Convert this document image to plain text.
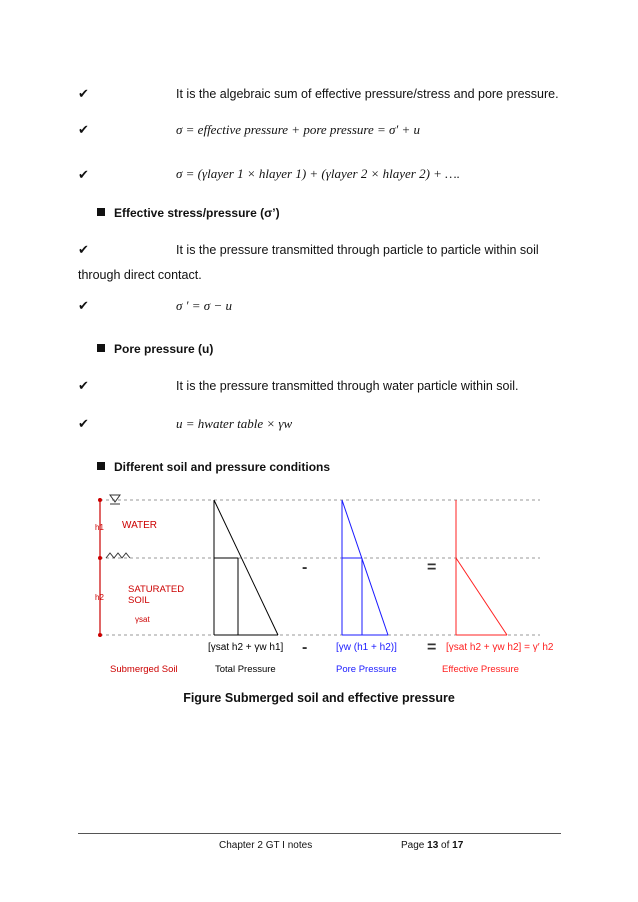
✔	It is the algebraic sum of effective pressure/stress and pore pressure.
✔	σ = effective pressure + pore pressure = σ′ + u
✔	σ = (γlayer 1 × hlayer 1) + (γlayer 2 × hlayer 2) + ….
Effective stress/pressure (σ’)
✔	It is the pressure transmitted through particle to particle within soil
through direct contact.
✔	σ ′ = σ − u
Pore pressure (u)
✔	It is the pressure transmitted through water particle within soil.
✔	u = hwater table × γw
Different soil and pressure conditions
h1
h2
WATER
SATURATED
SOIL
γsat
-	=
-	=
[γsat h2 + γw h1]	[γw (h1 + h2)]	[γsat h2 + γw h2] = γ′ h2
Submerged Soil	Total Pressure	Pore Pressure	Effective Pressure
Figure Submerged soil and effective pressure
Chapter 2 GT I notes	Page 13 of 17
